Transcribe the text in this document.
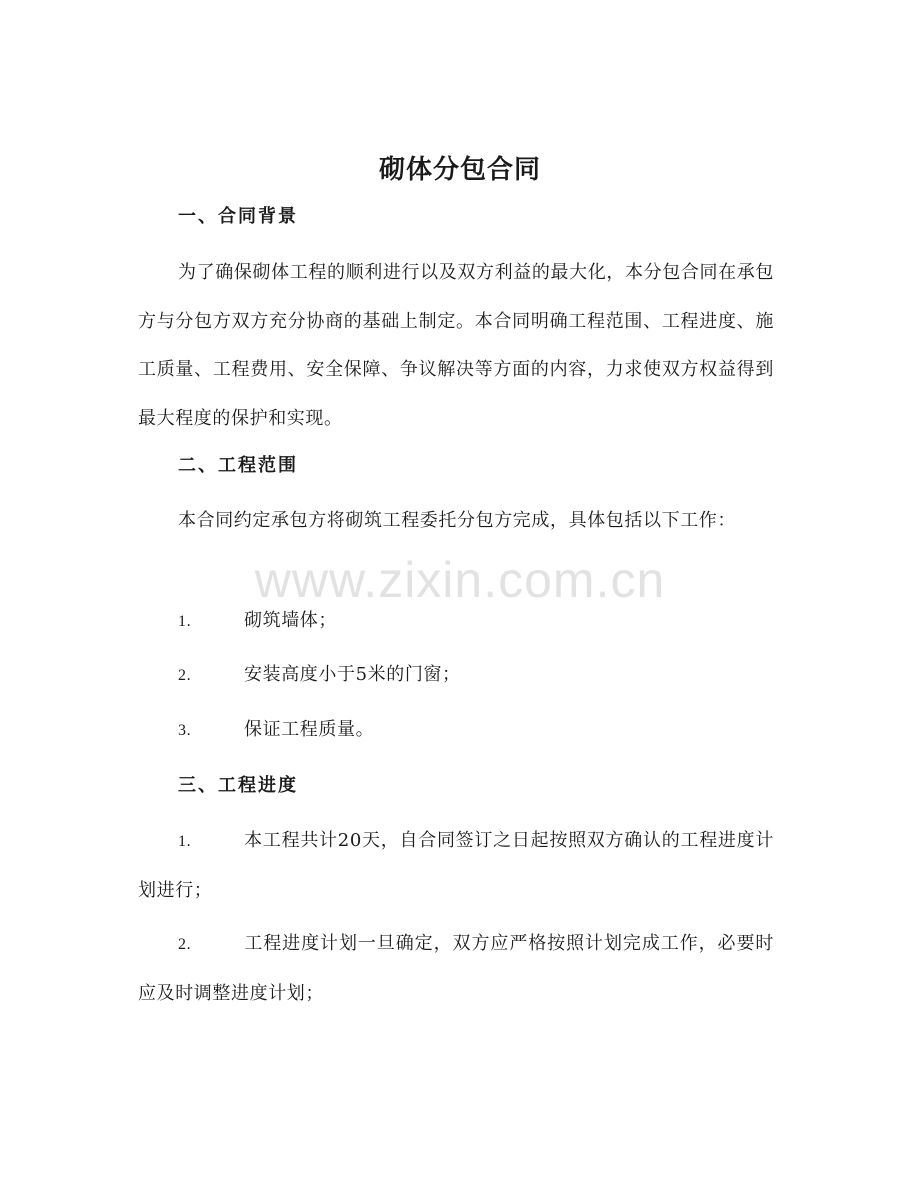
砌体分包合同
一、合同背景
为了确保砌体工程的顺利进行以及双方利益的最大化，本分包合同在承包方与分包方双方充分协商的基础上制定。本合同明确工程范围、工程进度、施工质量、工程费用、安全保障、争议解决等方面的内容，力求使双方权益得到最大程度的保护和实现。
二、工程范围
本合同约定承包方将砌筑工程委托分包方完成，具体包括以下工作：
www.zixin.com.cn
1.	砌筑墙体；
2.	安装高度小于5米的门窗；
3.	保证工程质量。
三、工程进度
1.	本工程共计20天，自合同签订之日起按照双方确认的工程进度计划进行；
2.	工程进度计划一旦确定，双方应严格按照计划完成工作，必要时应及时调整进度计划；
